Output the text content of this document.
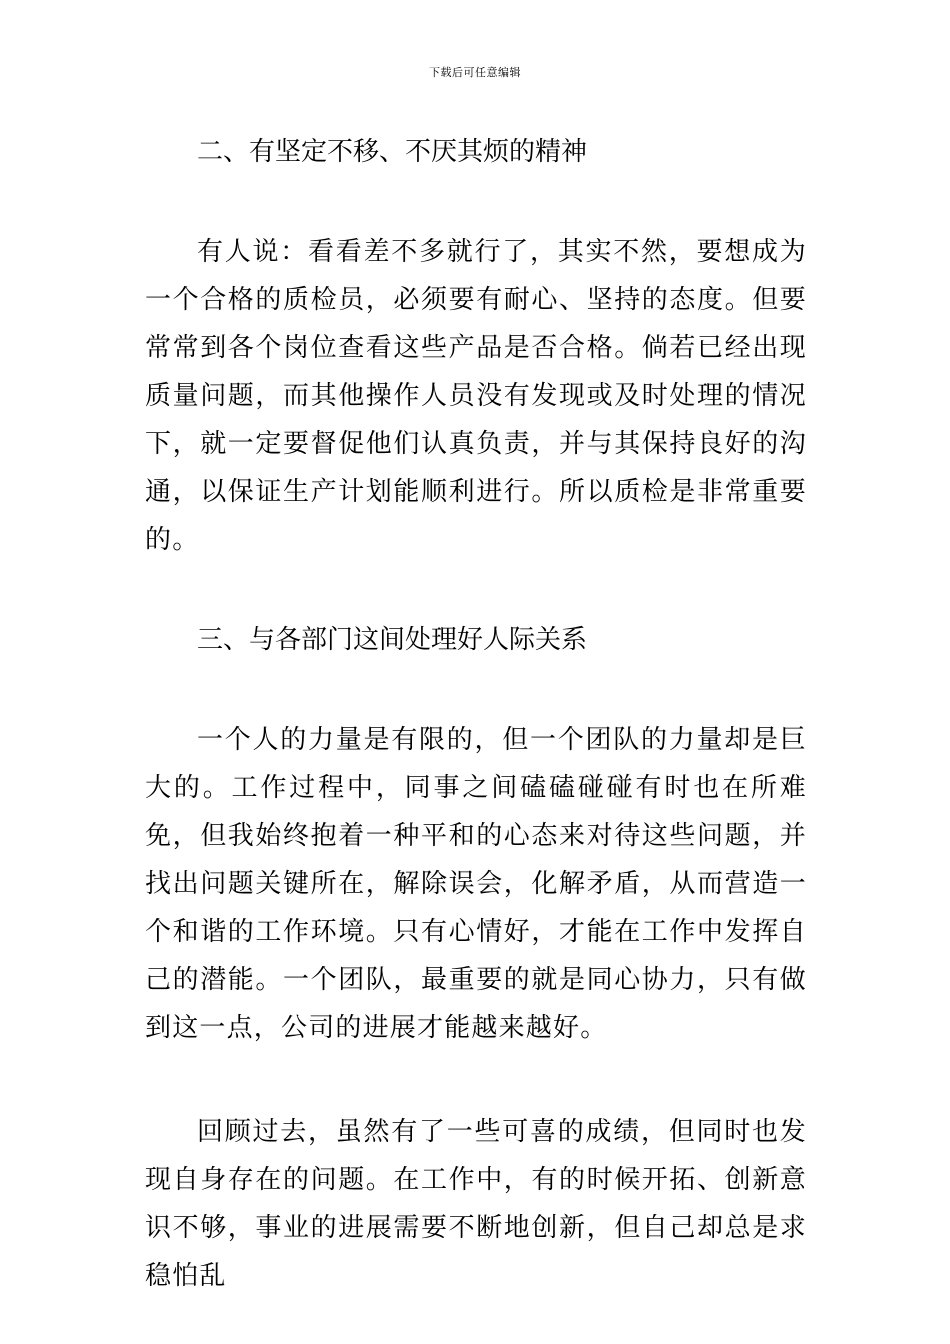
下载后可任意编辑

二、有坚定不移、不厌其烦的精神

有人说：看看差不多就行了，其实不然，要想成为一个合格的质检员，必须要有耐心、坚持的态度。但要常常到各个岗位查看这些产品是否合格。倘若已经出现质量问题，而其他操作人员没有发现或及时处理的情况下，就一定要督促他们认真负责，并与其保持良好的沟通，以保证生产计划能顺利进行。所以质检是非常重要的。

三、与各部门这间处理好人际关系

一个人的力量是有限的，但一个团队的力量却是巨大的。工作过程中，同事之间磕磕碰碰有时也在所难免，但我始终抱着一种平和的心态来对待这些问题，并找出问题关键所在，解除误会，化解矛盾，从而营造一个和谐的工作环境。只有心情好，才能在工作中发挥自己的潜能。一个团队，最重要的就是同心协力，只有做到这一点，公司的进展才能越来越好。

回顾过去，虽然有了一些可喜的成绩，但同时也发现自身存在的问题。在工作中，有的时候开拓、创新意识不够，事业的进展需要不断地创新，但自己却总是求稳怕乱
